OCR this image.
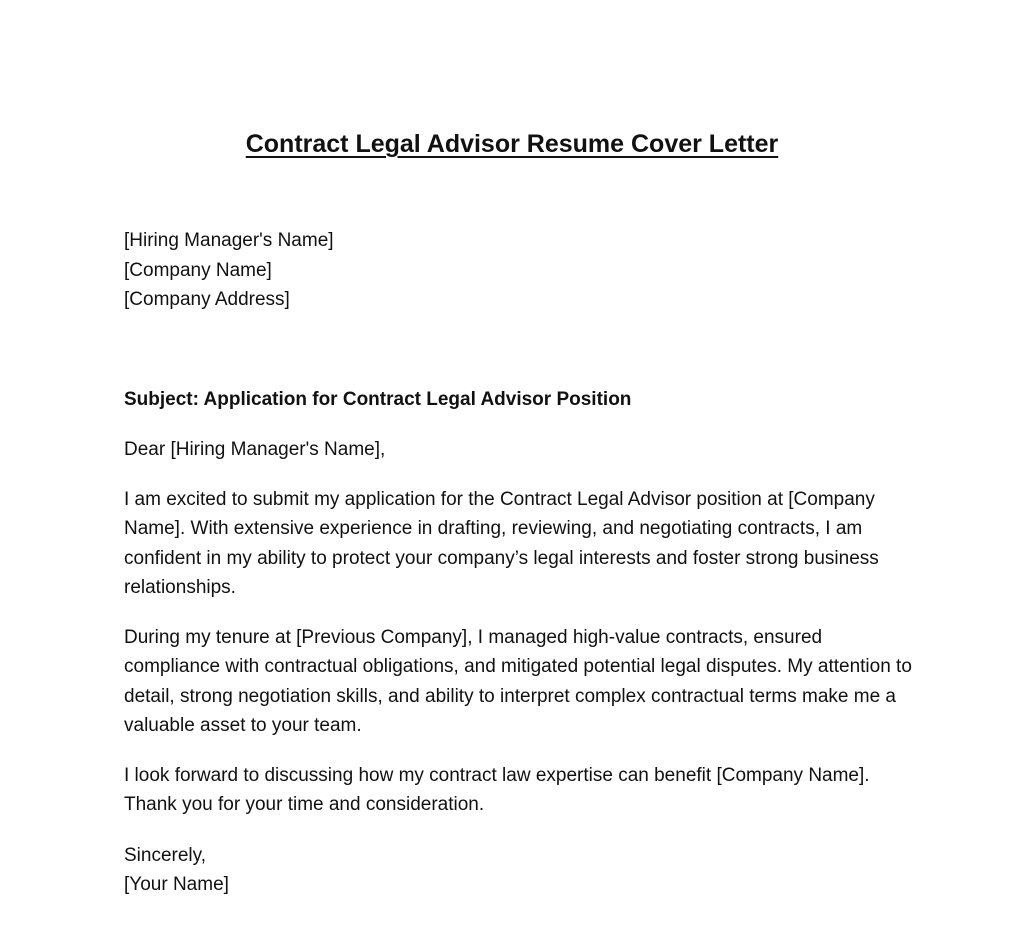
Contract Legal Advisor Resume Cover Letter

[Hiring Manager's Name]
[Company Name]
[Company Address]

Subject: Application for Contract Legal Advisor Position

Dear [Hiring Manager's Name],

I am excited to submit my application for the Contract Legal Advisor position at [Company Name]. With extensive experience in drafting, reviewing, and negotiating contracts, I am confident in my ability to protect your company’s legal interests and foster strong business relationships.

During my tenure at [Previous Company], I managed high-value contracts, ensured compliance with contractual obligations, and mitigated potential legal disputes. My attention to detail, strong negotiation skills, and ability to interpret complex contractual terms make me a valuable asset to your team.

I look forward to discussing how my contract law expertise can benefit [Company Name]. Thank you for your time and consideration.

Sincerely,
[Your Name]
